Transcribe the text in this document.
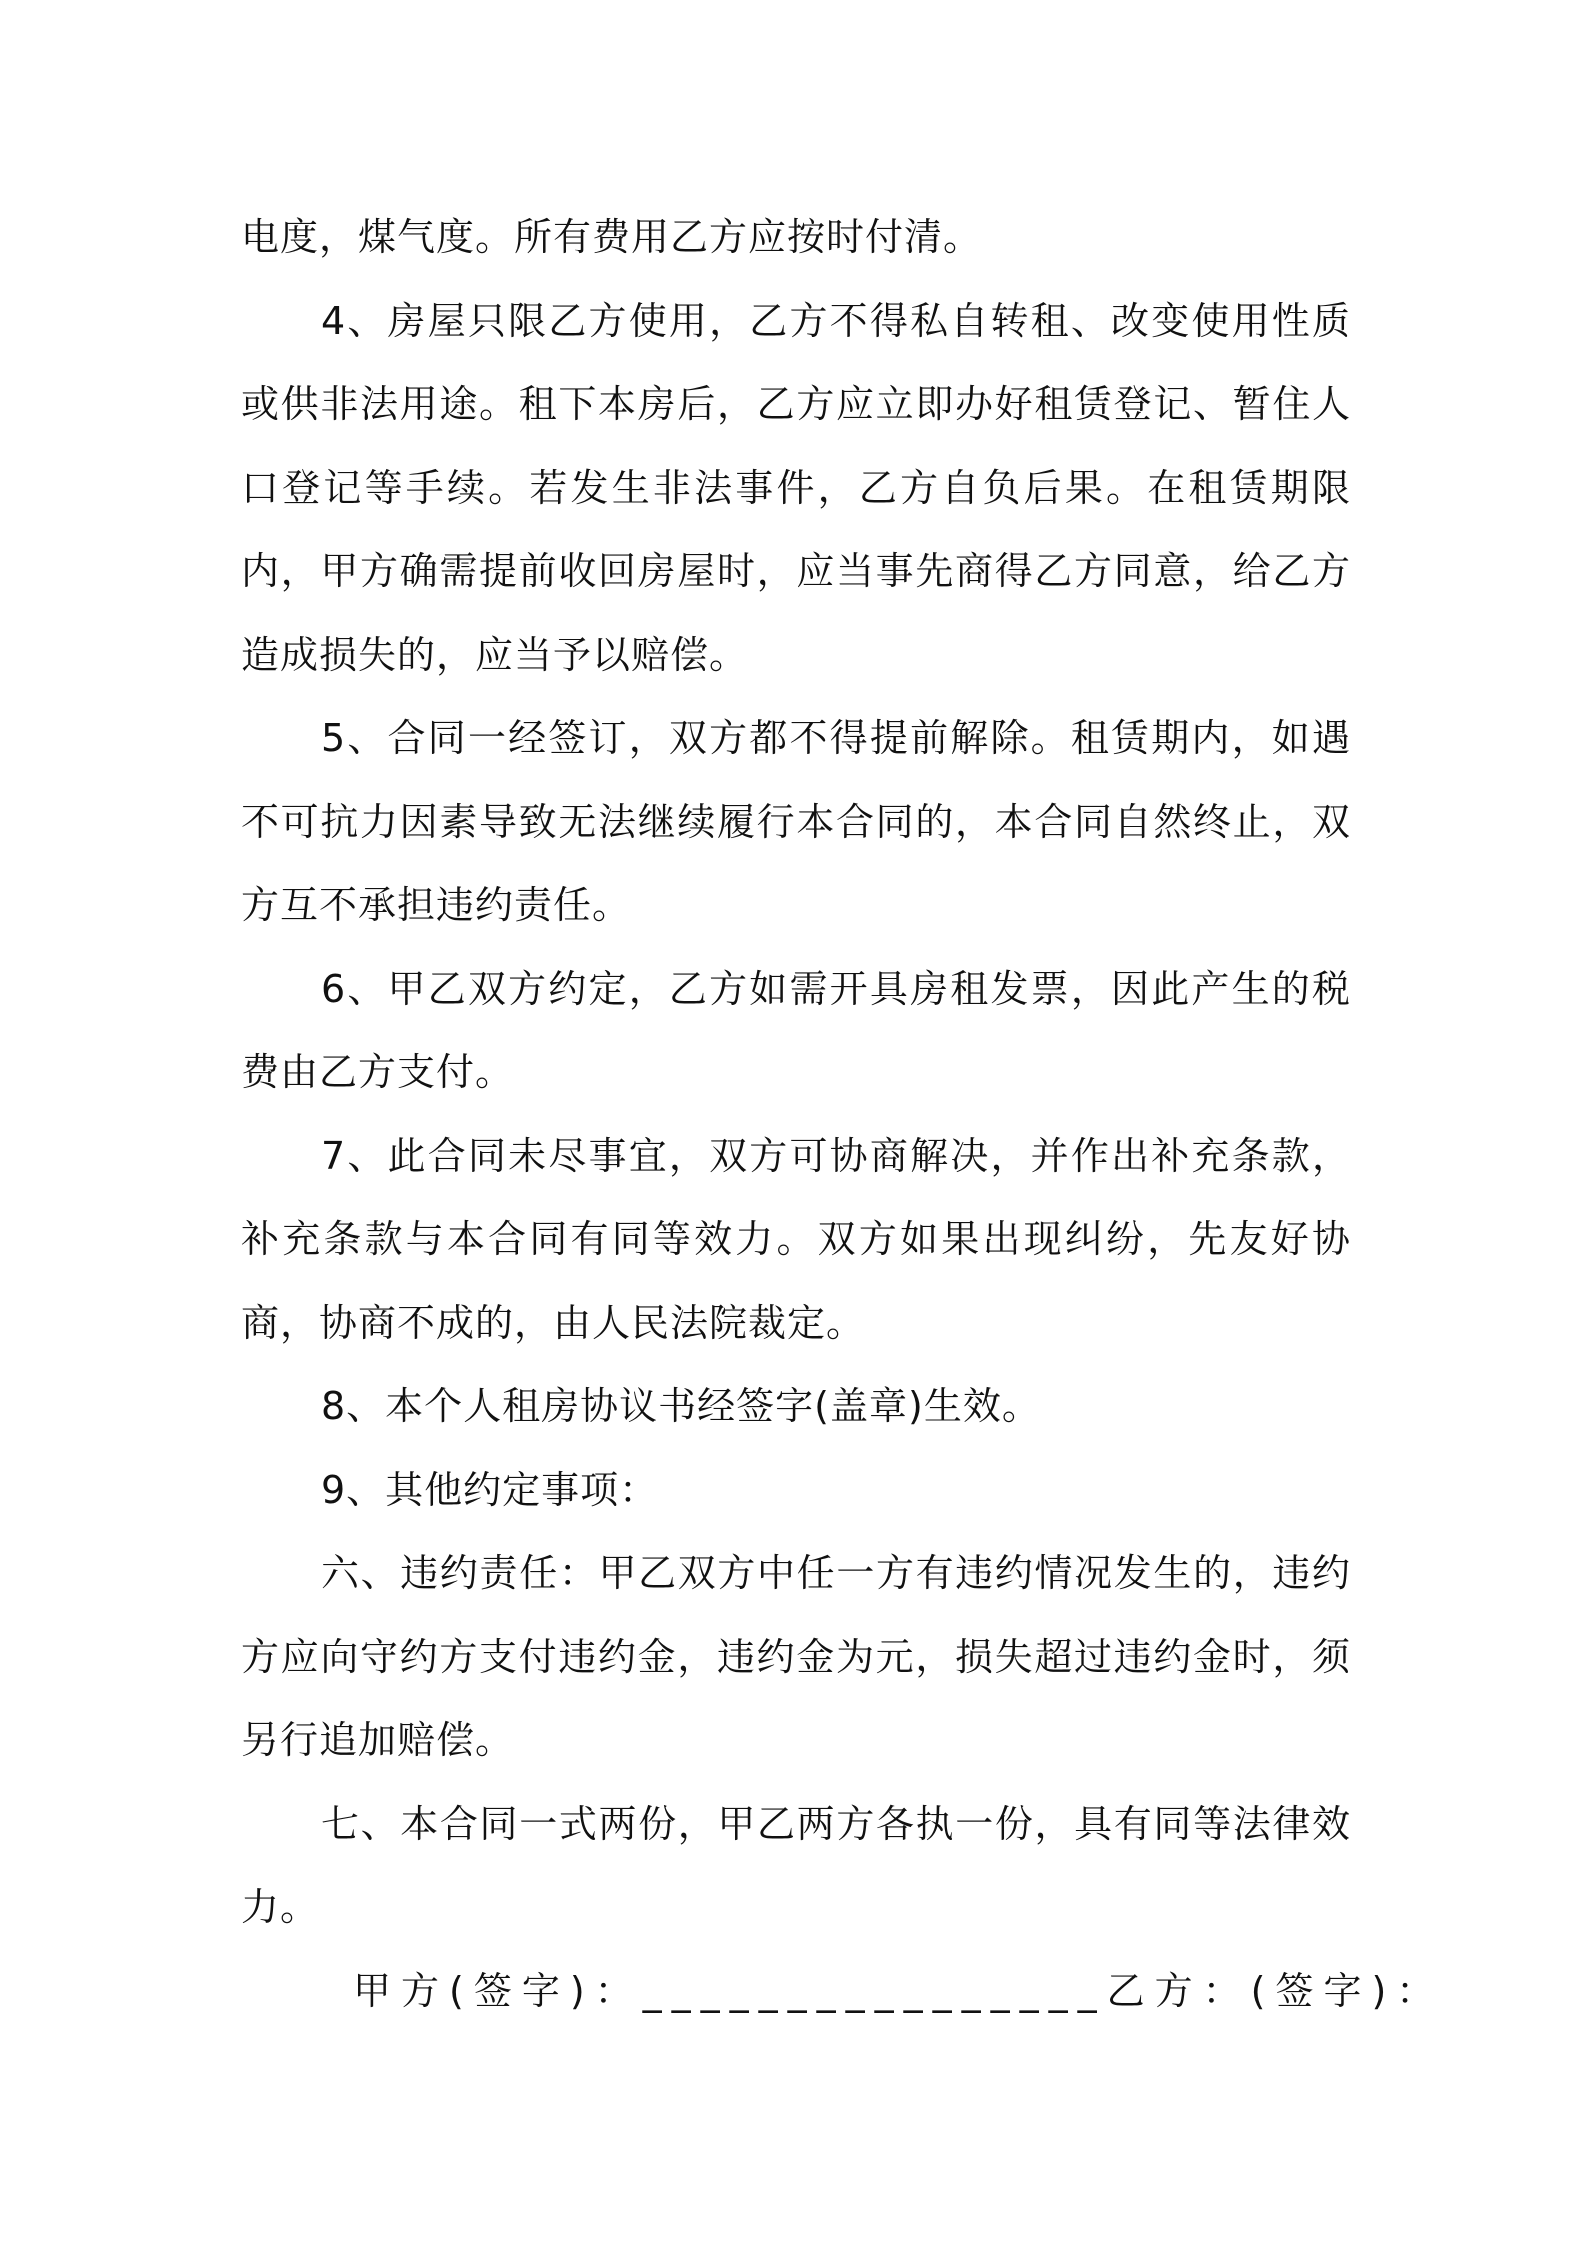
电度，煤气度。所有费用乙方应按时付清。

4、房屋只限乙方使用，乙方不得私自转租、改变使用性质或供非法用途。租下本房后，乙方应立即办好租赁登记、暂住人口登记等手续。若发生非法事件，乙方自负后果。在租赁期限内，甲方确需提前收回房屋时，应当事先商得乙方同意，给乙方造成损失的，应当予以赔偿。

5、合同一经签订，双方都不得提前解除。租赁期内，如遇不可抗力因素导致无法继续履行本合同的，本合同自然终止，双方互不承担违约责任。

6、甲乙双方约定，乙方如需开具房租发票，因此产生的税费由乙方支付。

7、此合同未尽事宜，双方可协商解决，并作出补充条款，补充条款与本合同有同等效力。双方如果出现纠纷，先友好协商，协商不成的，由人民法院裁定。

8、本个人租房协议书经签字(盖章)生效。

9、其他约定事项：

六、违约责任：甲乙双方中任一方有违约情况发生的，违约方应向守约方支付违约金，违约金为元，损失超过违约金时，须另行追加赔偿。

七、本合同一式两份，甲乙两方各执一份，具有同等法律效力。

甲方(签字)：________________乙方：(签字)：
